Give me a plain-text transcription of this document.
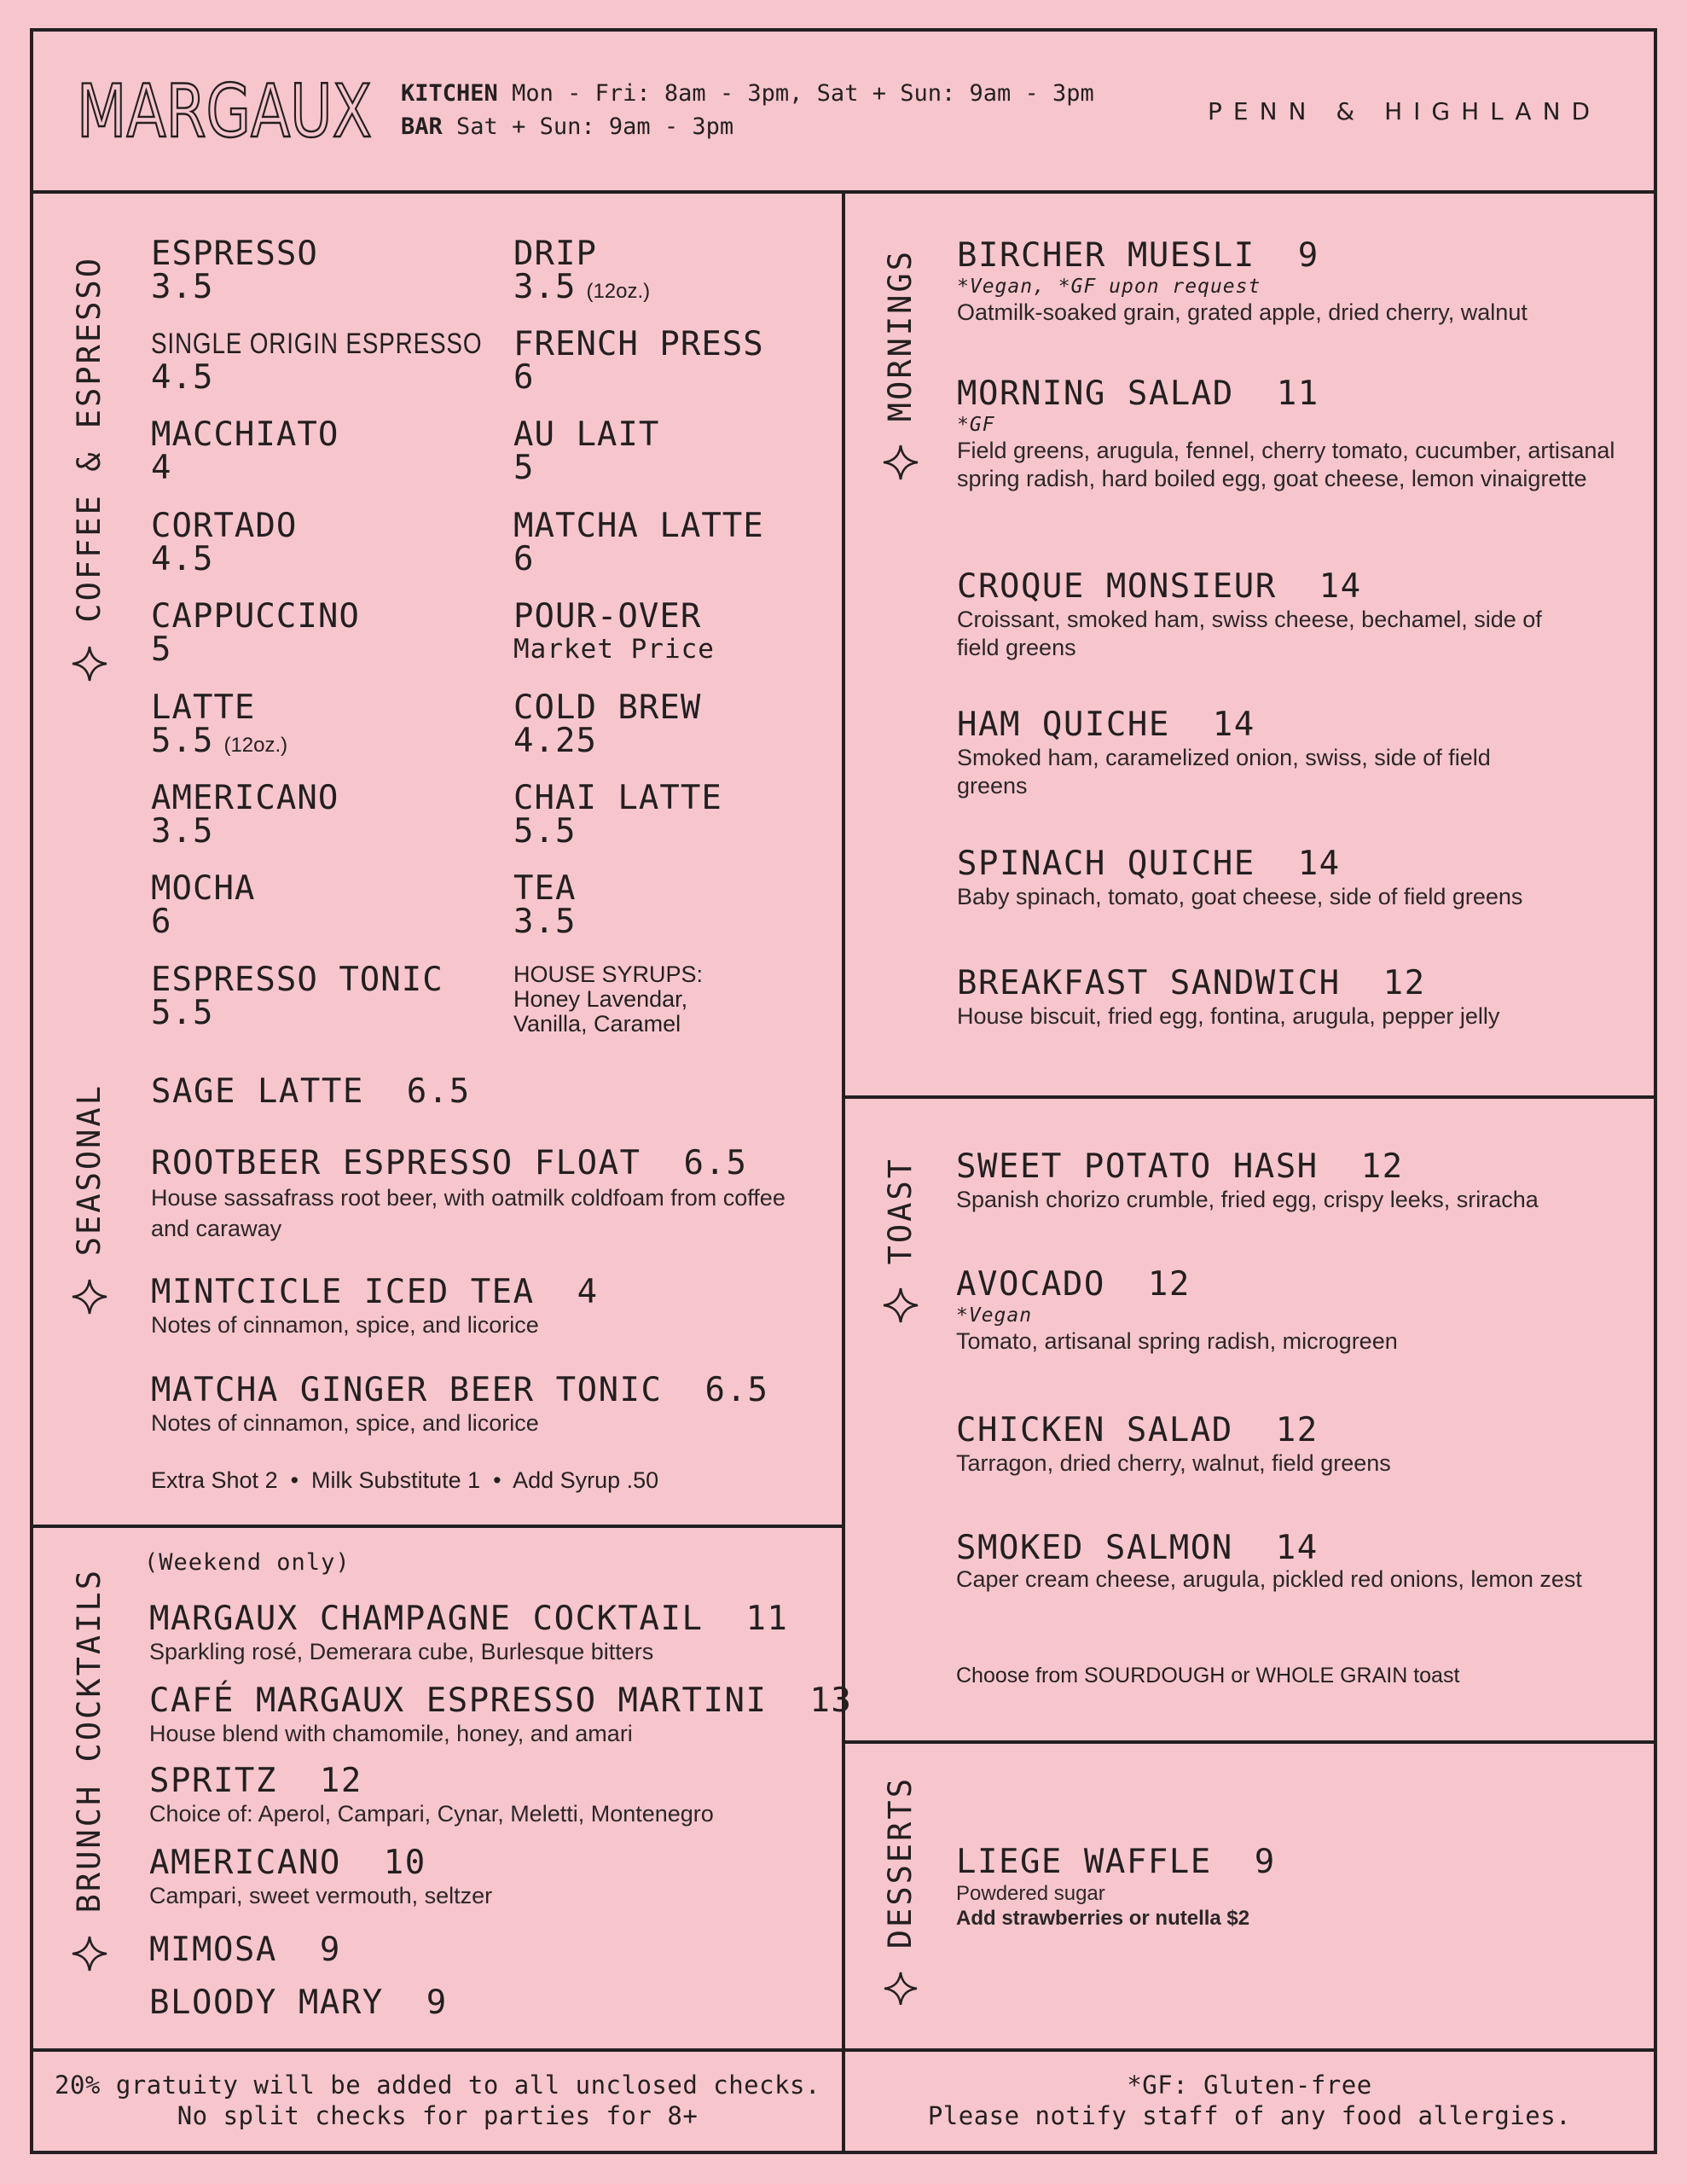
MARGAUX KITCHEN Mon - Fri: 8am - 3pm, Sat + Sun: 9am - 3pm
BAR Sat + Sun: 9am - 3pm
PENN & HIGHLAND
COFFEE & ESPRESSO
SEASONAL
BRUNCH COCKTAILS
MORNINGS
TOAST
DESSERTS
ESPRESSO
3.5
SINGLE ORIGIN ESPRESSO
4.5
MACCHIATO
4
CORTADO
4.5
CAPPUCCINO
5
LATTE
5.5 (12oz.)
AMERICANO
3.5
MOCHA
6
ESPRESSO TONIC
5.5
DRIP
3.5 (12oz.)
FRENCH PRESS
6
AU LAIT
5
MATCHA LATTE
6
POUR-OVER
Market Price
COLD BREW
4.25
CHAI LATTE
5.5
TEA
3.5
HOUSE SYRUPS:
Honey Lavendar,
Vanilla, Caramel
SAGE LATTE 6.5
ROOTBEER ESPRESSO FLOAT 6.5
House sassafrass root beer, with oatmilk coldfoam from coffee and caraway
MINTCICLE ICED TEA 4
Notes of cinnamon, spice, and licorice
MATCHA GINGER BEER TONIC 6.5
Notes of cinnamon, spice, and licorice
Extra Shot 2  •  Milk Substitute 1  •  Add Syrup .50
(Weekend only)
MARGAUX CHAMPAGNE COCKTAIL 11
Sparkling rosé, Demerara cube, Burlesque bitters
CAFÉ MARGAUX ESPRESSO MARTINI 13
House blend with chamomile, honey, and amari
SPRITZ 12
Choice of: Aperol, Campari, Cynar, Meletti, Montenegro
AMERICANO 10
Campari, sweet vermouth, seltzer
MIMOSA 9
BLOODY MARY 9
BIRCHER MUESLI 9
*Vegan, *GF upon request
Oatmilk-soaked grain, grated apple, dried cherry, walnut
MORNING SALAD 11
*GF
Field greens, arugula, fennel, cherry tomato, cucumber, artisanal spring radish, hard boiled egg, goat cheese, lemon vinaigrette
CROQUE MONSIEUR 14
Croissant, smoked ham, swiss cheese, bechamel, side of field greens
HAM QUICHE 14
Smoked ham, caramelized onion, swiss, side of field greens
SPINACH QUICHE 14
Baby spinach, tomato, goat cheese, side of field greens
BREAKFAST SANDWICH 12
House biscuit, fried egg, fontina, arugula, pepper jelly
SWEET POTATO HASH 12
Spanish chorizo crumble, fried egg, crispy leeks, sriracha
AVOCADO 12
*Vegan
Tomato, artisanal spring radish, microgreen
CHICKEN SALAD 12
Tarragon, dried cherry, walnut, field greens
SMOKED SALMON 14
Caper cream cheese, arugula, pickled red onions, lemon zest
Choose from SOURDOUGH or WHOLE GRAIN toast
LIEGE WAFFLE 9
Powdered sugar
Add strawberries or nutella $2
20% gratuity will be added to all unclosed checks.
No split checks for parties for 8+
*GF: Gluten-free
Please notify staff of any food allergies.
